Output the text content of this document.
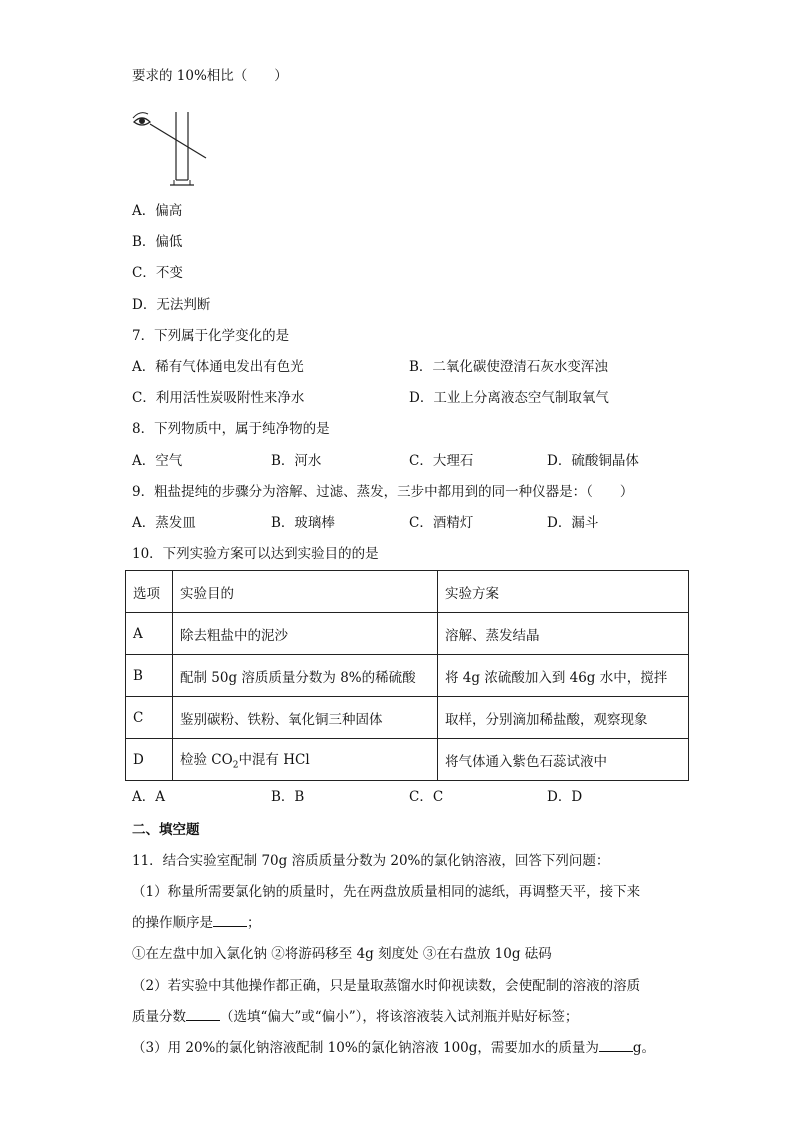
要求的 10%相比（　　）
A．偏高
B．偏低
C．不变
D．无法判断
7．下列属于化学变化的是
A．稀有气体通电发出有色光	B．二氧化碳使澄清石灰水变浑浊
C．利用活性炭吸附性来净水	D．工业上分离液态空气制取氧气
8．下列物质中，属于纯净物的是
A．空气	B．河水	C．大理石	D．硫酸铜晶体
9．粗盐提纯的步骤分为溶解、过滤、蒸发，三步中都用到的同一种仪器是：（　　）
A．蒸发皿	B．玻璃棒	C．酒精灯	D．漏斗
10．下列实验方案可以达到实验目的的是
选项	实验目的	实验方案
A	除去粗盐中的泥沙	溶解、蒸发结晶
B	配制 50g 溶质质量分数为 8%的稀硫酸	将 4g 浓硫酸加入到 46g 水中，搅拌
C	鉴别碳粉、铁粉、氧化铜三种固体	取样，分别滴加稀盐酸，观察现象
D	检验 $CO_2$中混有 HCl	将气体通入紫色石蕊试液中
A．A	B．B	C．C	D．D
二、填空题
11．结合实验室配制 70g 溶质质量分数为 20%的氯化钠溶液，回答下列问题：
（1）称量所需要氯化钠的质量时，先在两盘放质量相同的滤纸，再调整天平，接下来
的操作顺序是	；
①在左盘中加入氯化钠 ②将游码移至 4g 刻度处 ③在右盘放 10g 砝码
（2）若实验中其他操作都正确，只是量取蒸馏水时仰视读数，会使配制的溶液的溶质
质量分数	（选填“偏大”或“偏小”），将该溶液装入试剂瓶并贴好标签；
（3）用 20%的氯化钠溶液配制 10%的氯化钠溶液 100g，需要加水的质量为	g。
